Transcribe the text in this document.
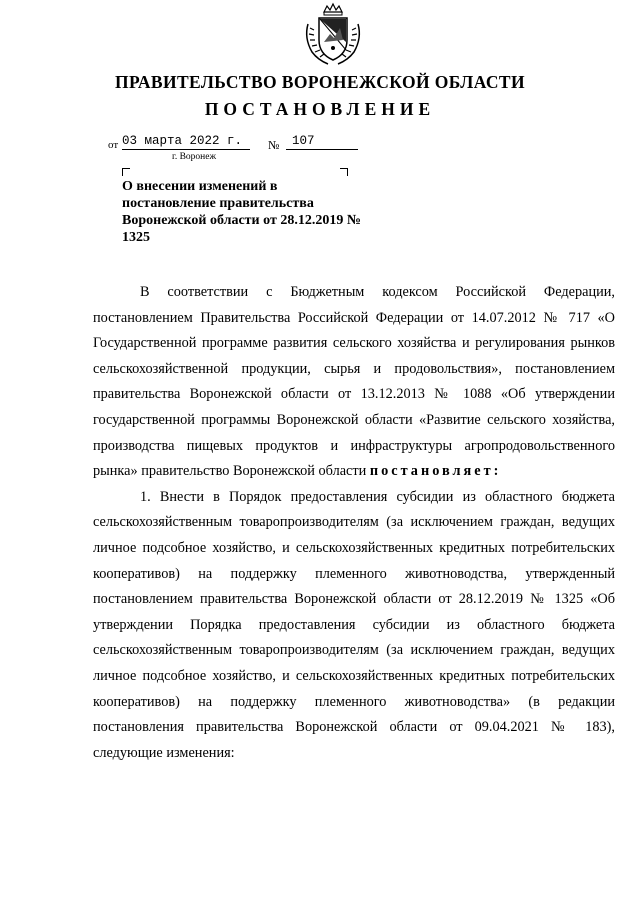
ПРАВИТЕЛЬСТВО ВОРОНЕЖСКОЙ ОБЛАСТИ
ПОСТАНОВЛЕНИЕ
от 03 марта 2022 г.	№	107
г. Воронеж
О внесении изменений в постановление правительства Воронежской области от 28.12.2019 № 1325

В соответствии с Бюджетным кодексом Российской Федерации, постановлением Правительства Российской Федерации от 14.07.2012 № 717 «О Государственной программе развития сельского хозяйства и регулирования рынков сельскохозяйственной продукции, сырья и продовольствия», постановлением правительства Воронежской области от 13.12.2013 № 1088 «Об утверждении государственной программы Воронежской области «Развитие сельского хозяйства, производства пищевых продуктов и инфраструктуры агропродовольственного рынка» правительство Воронежской области постановляет:

1. Внести в Порядок предоставления субсидии из областного бюджета сельскохозяйственным товаропроизводителям (за исключением граждан, ведущих личное подсобное хозяйство, и сельскохозяйственных кредитных потребительских кооперативов) на поддержку племенного животноводства, утвержденный постановлением правительства Воронежской области от 28.12.2019 № 1325 «Об утверждении Порядка предоставления субсидии из областного бюджета сельскохозяйственным товаропроизводителям (за исключением граждан, ведущих личное подсобное хозяйство, и сельскохозяйственных кредитных потребительских кооперативов) на поддержку племенного животноводства» (в редакции постановления правительства Воронежской области от 09.04.2021 № 183), следующие изменения:
